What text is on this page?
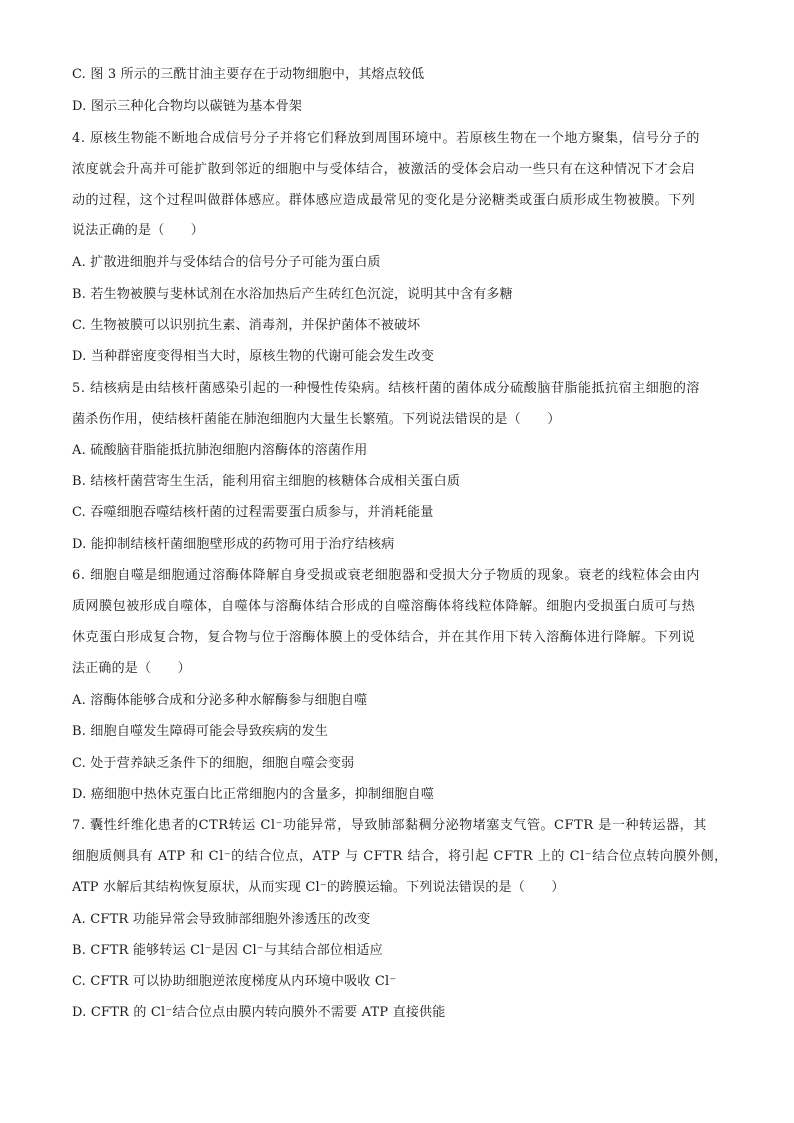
C. 图 3 所示的三酰甘油主要存在于动物细胞中，其熔点较低
D. 图示三种化合物均以碳链为基本骨架
4. 原核生物能不断地合成信号分子并将它们释放到周围环境中。若原核生物在一个地方聚集，信号分子的
浓度就会升高并可能扩散到邻近的细胞中与受体结合，被激活的受体会启动一些只有在这种情况下才会启
动的过程，这个过程叫做群体感应。群体感应造成最常见的变化是分泌糖类或蛋白质形成生物被膜。下列
说法正确的是（　　）
A. 扩散进细胞并与受体结合的信号分子可能为蛋白质
B. 若生物被膜与斐林试剂在水浴加热后产生砖红色沉淀，说明其中含有多糖
C. 生物被膜可以识别抗生素、消毒剂，并保护菌体不被破坏
D. 当种群密度变得相当大时，原核生物的代谢可能会发生改变
5. 结核病是由结核杆菌感染引起的一种慢性传染病。结核杆菌的菌体成分硫酸脑苷脂能抵抗宿主细胞的溶
菌杀伤作用，使结核杆菌能在肺泡细胞内大量生长繁殖。下列说法错误的是（　　）
A. 硫酸脑苷脂能抵抗肺泡细胞内溶酶体的溶菌作用
B. 结核杆菌营寄生生活，能利用宿主细胞的核糖体合成相关蛋白质
C. 吞噬细胞吞噬结核杆菌的过程需要蛋白质参与，并消耗能量
D. 能抑制结核杆菌细胞壁形成的药物可用于治疗结核病
6. 细胞自噬是细胞通过溶酶体降解自身受损或衰老细胞器和受损大分子物质的现象。衰老的线粒体会由内
质网膜包被形成自噬体，自噬体与溶酶体结合形成的自噬溶酶体将线粒体降解。细胞内受损蛋白质可与热
休克蛋白形成复合物，复合物与位于溶酶体膜上的受体结合，并在其作用下转入溶酶体进行降解。下列说
法正确的是（　　）
A. 溶酶体能够合成和分泌多种水解酶参与细胞自噬
B. 细胞自噬发生障碍可能会导致疾病的发生
C. 处于营养缺乏条件下的细胞，细胞自噬会变弱
D. 癌细胞中热休克蛋白比正常细胞内的含量多，抑制细胞自噬
7. 囊性纤维化患者的CTR转运 Cl⁻功能异常，导致肺部黏稠分泌物堵塞支气管。CFTR 是一种转运器，其
细胞质侧具有 ATP 和 Cl⁻的结合位点，ATP 与 CFTR 结合，将引起 CFTR 上的 Cl⁻结合位点转向膜外侧，
ATP 水解后其结构恢复原状，从而实现 Cl⁻的跨膜运输。下列说法错误的是（　　）
A. CFTR 功能异常会导致肺部细胞外渗透压的改变
B. CFTR 能够转运 Cl⁻是因 Cl⁻与其结合部位相适应
C. CFTR 可以协助细胞逆浓度梯度从内环境中吸收 Cl⁻
D. CFTR 的 Cl⁻结合位点由膜内转向膜外不需要 ATP 直接供能
